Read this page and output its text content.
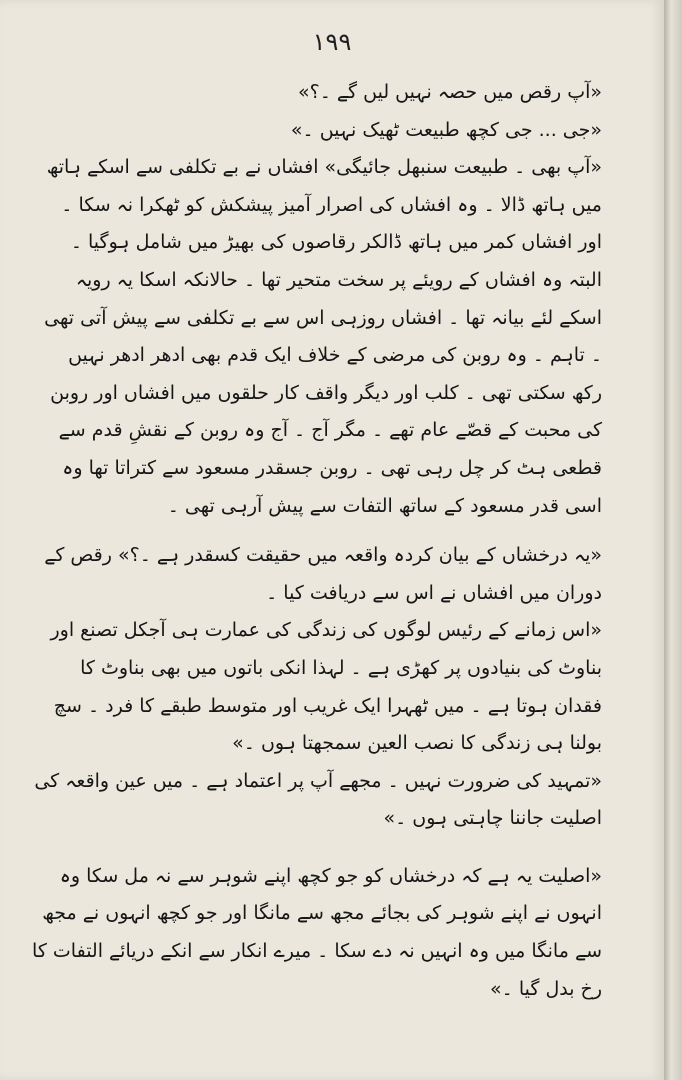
۱۹۹

«آپ رقص میں حصہ نہیں لیں گے ۔؟»

«جی ... جی کچھ طبیعت ٹھیک نہیں ۔»

«آپ بھی ۔ طبیعت سنبھل جائیگی» افشاں نے بے تکلفی سے اسکے ہاتھ میں ہاتھ ڈالا ۔ وہ افشاں کی اصرار آمیز پیشکش کو ٹھکرا نہ سکا ۔ اور افشاں کمر میں ہاتھ ڈالکر رقاصوں کی بھیڑ میں شامل ہوگیا ۔

البتہ وہ افشاں کے رویئے پر سخت متحیر تھا ۔ حالانکہ اسکا یہ رویہ اسکے لئے بیانہ تھا ۔ افشاں روزہی اس سے بے تکلفی سے پیش آتی تھی ۔ تاہم ۔ وہ روبن کی مرضی کے خلاف ایک قدم بھی ادھر ادھر نہیں رکھ سکتی تھی ۔ کلب اور دیگر واقف کار حلقوں میں افشاں اور روبن کی محبت کے قصّے عام تھے ۔ مگر آج ۔ آج وہ روبن کے نقشِ قدم سے قطعی ہٹ کر چل رہی تھی ۔ روبن جسقدر مسعود سے کتراتا تھا وہ اسی قدر مسعود کے ساتھ التفات سے پیش آرہی تھی ۔

«یہ درخشاں کے بیان کردہ واقعہ میں حقیقت کسقدر ہے ۔؟» رقص کے دوران میں افشاں نے اس سے دریافت کیا ۔

«اس زمانے کے رئیس لوگوں کی زندگی کی عمارت ہی آجکل تصنع اور بناوٹ کی بنیادوں پر کھڑی ہے ۔ لہذا انکی باتوں میں بھی بناوٹ کا فقدان ہوتا ہے ۔ میں ٹھہرا ایک غریب اور متوسط طبقے کا فرد ۔ سچ بولنا ہی زندگی کا نصب العین سمجھتا ہوں ۔»

«تمہید کی ضرورت نہیں ۔ مجھے آپ پر اعتماد ہے ۔ میں عین واقعہ کی اصلیت جاننا چاہتی ہوں ۔»

«اصلیت یہ ہے کہ درخشاں کو جو کچھ اپنے شوہر سے نہ مل سکا وہ انہوں نے اپنے شوہر کی بجائے مجھ سے مانگا اور جو کچھ انہوں نے مجھ سے مانگا میں وہ انہیں نہ دے سکا ۔ میرے انکار سے انکے دریائے التفات کا رخ بدل گیا ۔»
